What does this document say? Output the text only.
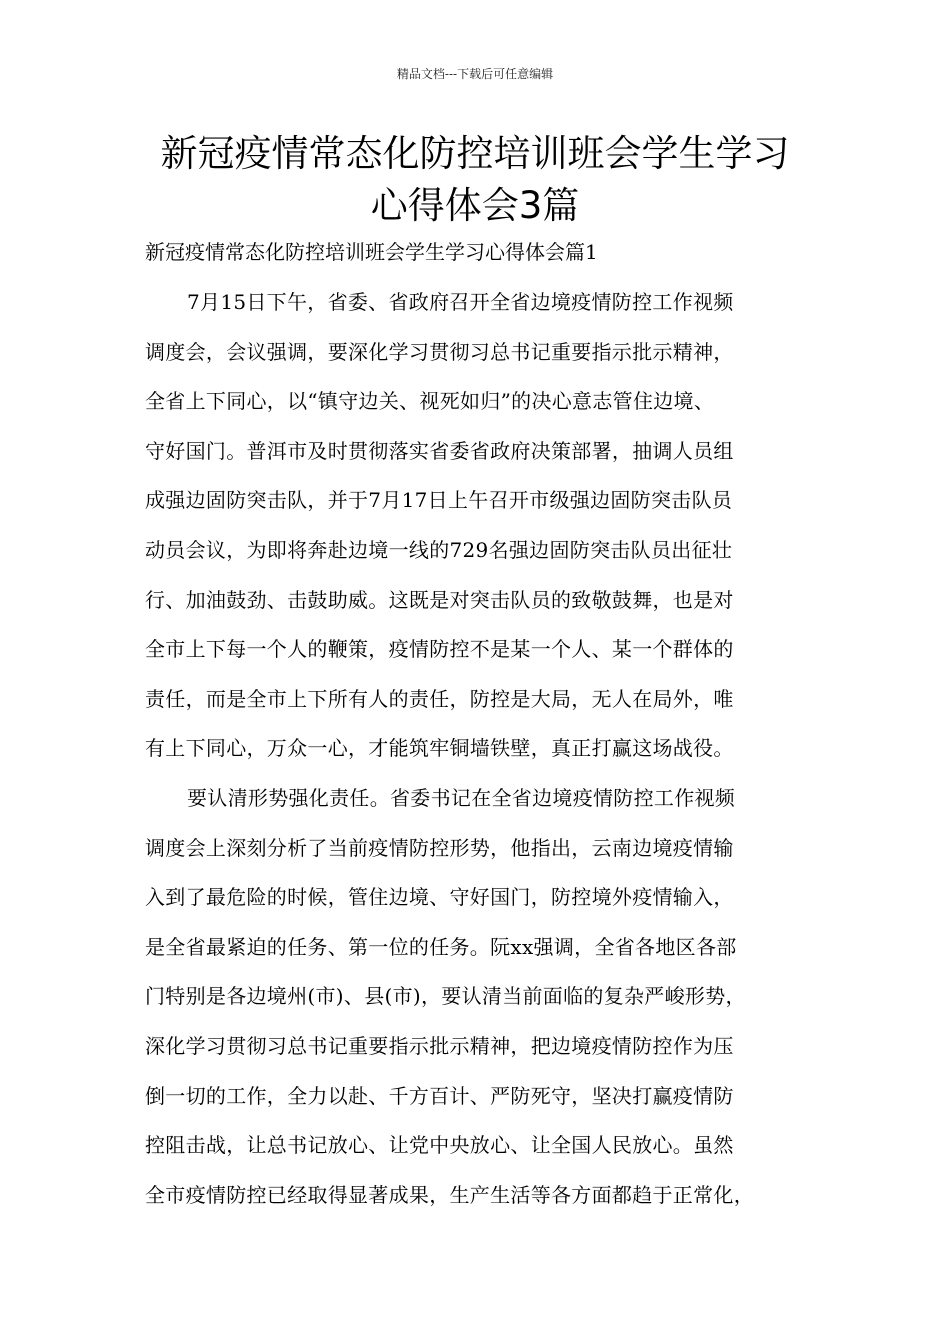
精品文档---下载后可任意编辑
新冠疫情常态化防控培训班会学生学习
心得体会3篇
新冠疫情常态化防控培训班会学生学习心得体会篇1
7月15日下午，省委、省政府召开全省边境疫情防控工作视频
调度会，会议强调，要深化学习贯彻习总书记重要指示批示精神，
全省上下同心，以“镇守边关、视死如归”的决心意志管住边境、
守好国门。普洱市及时贯彻落实省委省政府决策部署，抽调人员组
成强边固防突击队，并于7月17日上午召开市级强边固防突击队员
动员会议，为即将奔赴边境一线的729名强边固防突击队员出征壮
行、加油鼓劲、击鼓助威。这既是对突击队员的致敬鼓舞，也是对
全市上下每一个人的鞭策，疫情防控不是某一个人、某一个群体的
责任，而是全市上下所有人的责任，防控是大局，无人在局外，唯
有上下同心，万众一心，才能筑牢铜墙铁壁，真正打赢这场战役。
要认清形势强化责任。省委书记在全省边境疫情防控工作视频
调度会上深刻分析了当前疫情防控形势，他指出，云南边境疫情输
入到了最危险的时候，管住边境、守好国门，防控境外疫情输入，
是全省最紧迫的任务、第一位的任务。阮xx强调，全省各地区各部
门特别是各边境州(市)、县(市)，要认清当前面临的复杂严峻形势，
深化学习贯彻习总书记重要指示批示精神，把边境疫情防控作为压
倒一切的工作，全力以赴、千方百计、严防死守，坚决打赢疫情防
控阻击战，让总书记放心、让党中央放心、让全国人民放心。虽然
全市疫情防控已经取得显著成果，生产生活等各方面都趋于正常化，
